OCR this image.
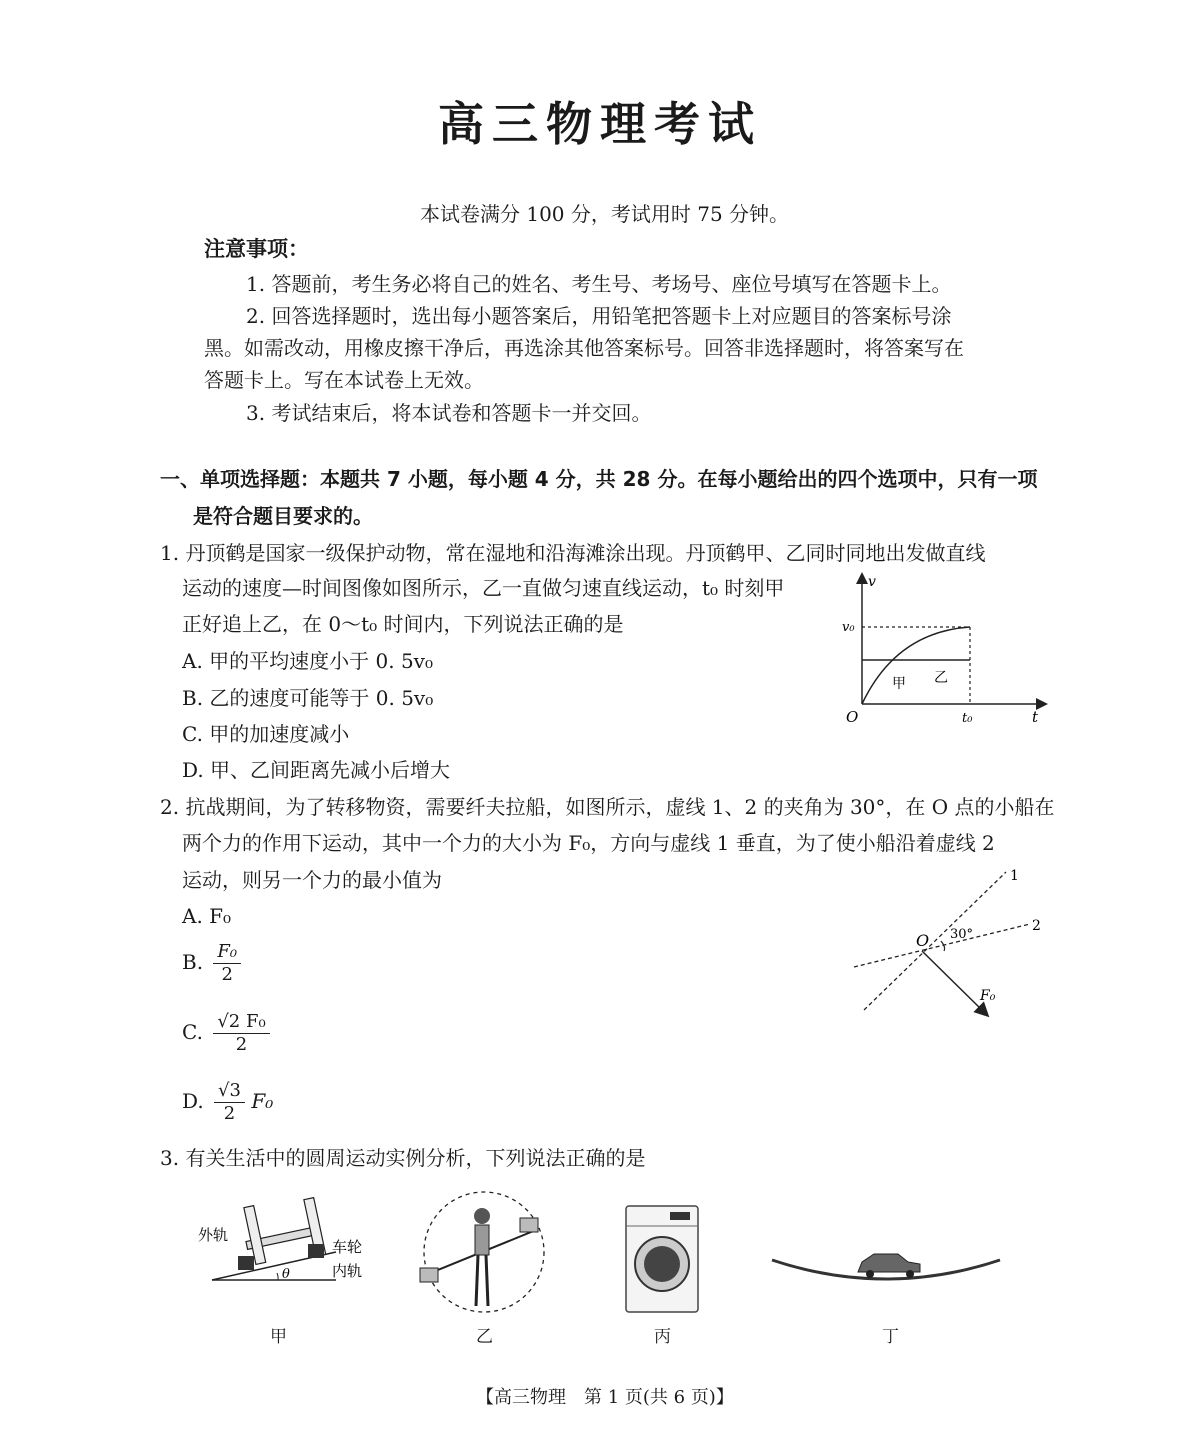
高三物理考试
本试卷满分 100 分，考试用时 75 分钟。
注意事项：
1. 答题前，考生务必将自己的姓名、考生号、考场号、座位号填写在答题卡上。
2. 回答选择题时，选出每小题答案后，用铅笔把答题卡上对应题目的答案标号涂
黑。如需改动，用橡皮擦干净后，再选涂其他答案标号。回答非选择题时，将答案写在
答题卡上。写在本试卷上无效。
3. 考试结束后，将本试卷和答题卡一并交回。
一、单项选择题：本题共 7 小题，每小题 4 分，共 28 分。在每小题给出的四个选项中，只有一项
是符合题目要求的。
1. 丹顶鹤是国家一级保护动物，常在湿地和沿海滩涂出现。丹顶鹤甲、乙同时同地出发做直线
运动的速度—时间图像如图所示，乙一直做匀速直线运动，t₀ 时刻甲
正好追上乙，在 0～t₀ 时间内，下列说法正确的是
A. 甲的平均速度小于 0. 5v₀
B. 乙的速度可能等于 0. 5v₀
C. 甲的加速度减小
D. 甲、乙间距离先减小后增大
v
t
O
v₀
t₀
甲 乙
2. 抗战期间，为了转移物资，需要纤夫拉船，如图所示，虚线 1、2 的夹角为 30°，在 O 点的小船在
两个力的作用下运动，其中一个力的大小为 F₀，方向与虚线 1 垂直，为了使小船沿着虚线 2
运动，则另一个力的最小值为
A. F₀
B. $\frac{\text{F₀}}{2}$
C. $\frac{\text{√2 F₀}}{2}$
D. $\frac{√3}{2} F_0$
1
2
O 30°
F₀
3. 有关生活中的圆周运动实例分析，下列说法正确的是
外轨
车轮
内轨
θ
甲	乙	丙	丁
【高三物理　第 1 页(共 6 页)】
